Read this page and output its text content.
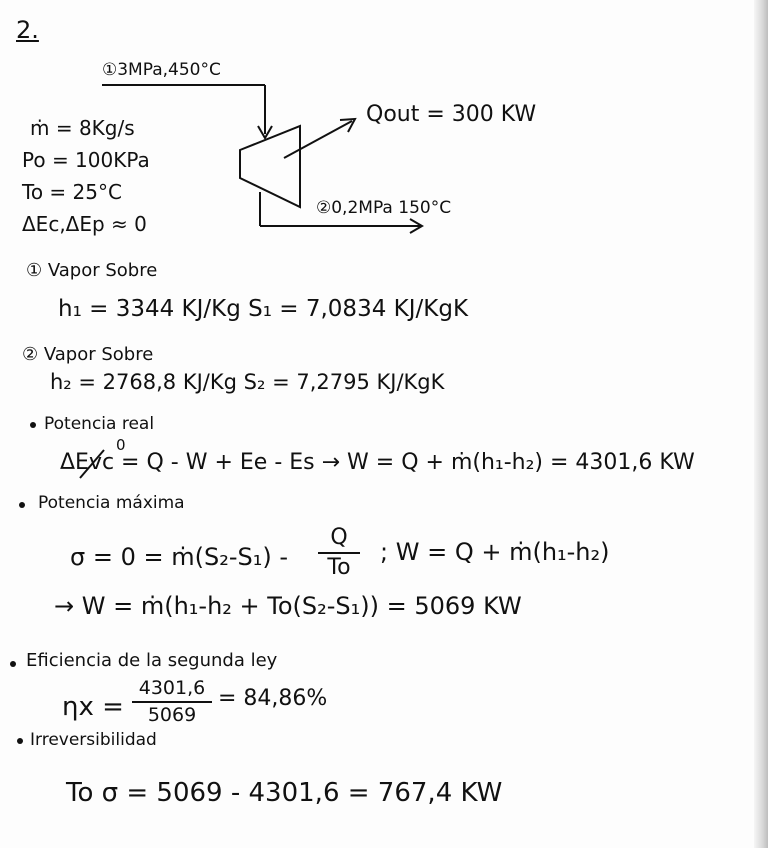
2.
①3MPa,450°C
Qout = 300 KW
②0,2MPa 150°C
ṁ = 8Kg/s
Po = 100KPa
To = 25°C
ΔEc,ΔEp ≈ 0
① Vapor Sobre
h₁ = 3344 KJ/Kg S₁ = 7,0834 KJ/KgK
② Vapor Sobre
h₂ = 2768,8 KJ/Kg S₂ = 7,2795 KJ/KgK
Potencia real
0
ΔEvc = Q - W + Ee - Es → W = Q + ṁ(h₁-h₂) = 4301,6 KW
Potencia máxima
σ = 0 = ṁ(S₂-S₁) -
Q
To
; W = Q + ṁ(h₁-h₂)
→ W = ṁ(h₁-h₂ + To(S₂-S₁)) = 5069 KW
Eficiencia de la segunda ley
ηx =
4301,6
5069
= 84,86%
Irreversibilidad
To σ = 5069 - 4301,6 = 767,4 KW
